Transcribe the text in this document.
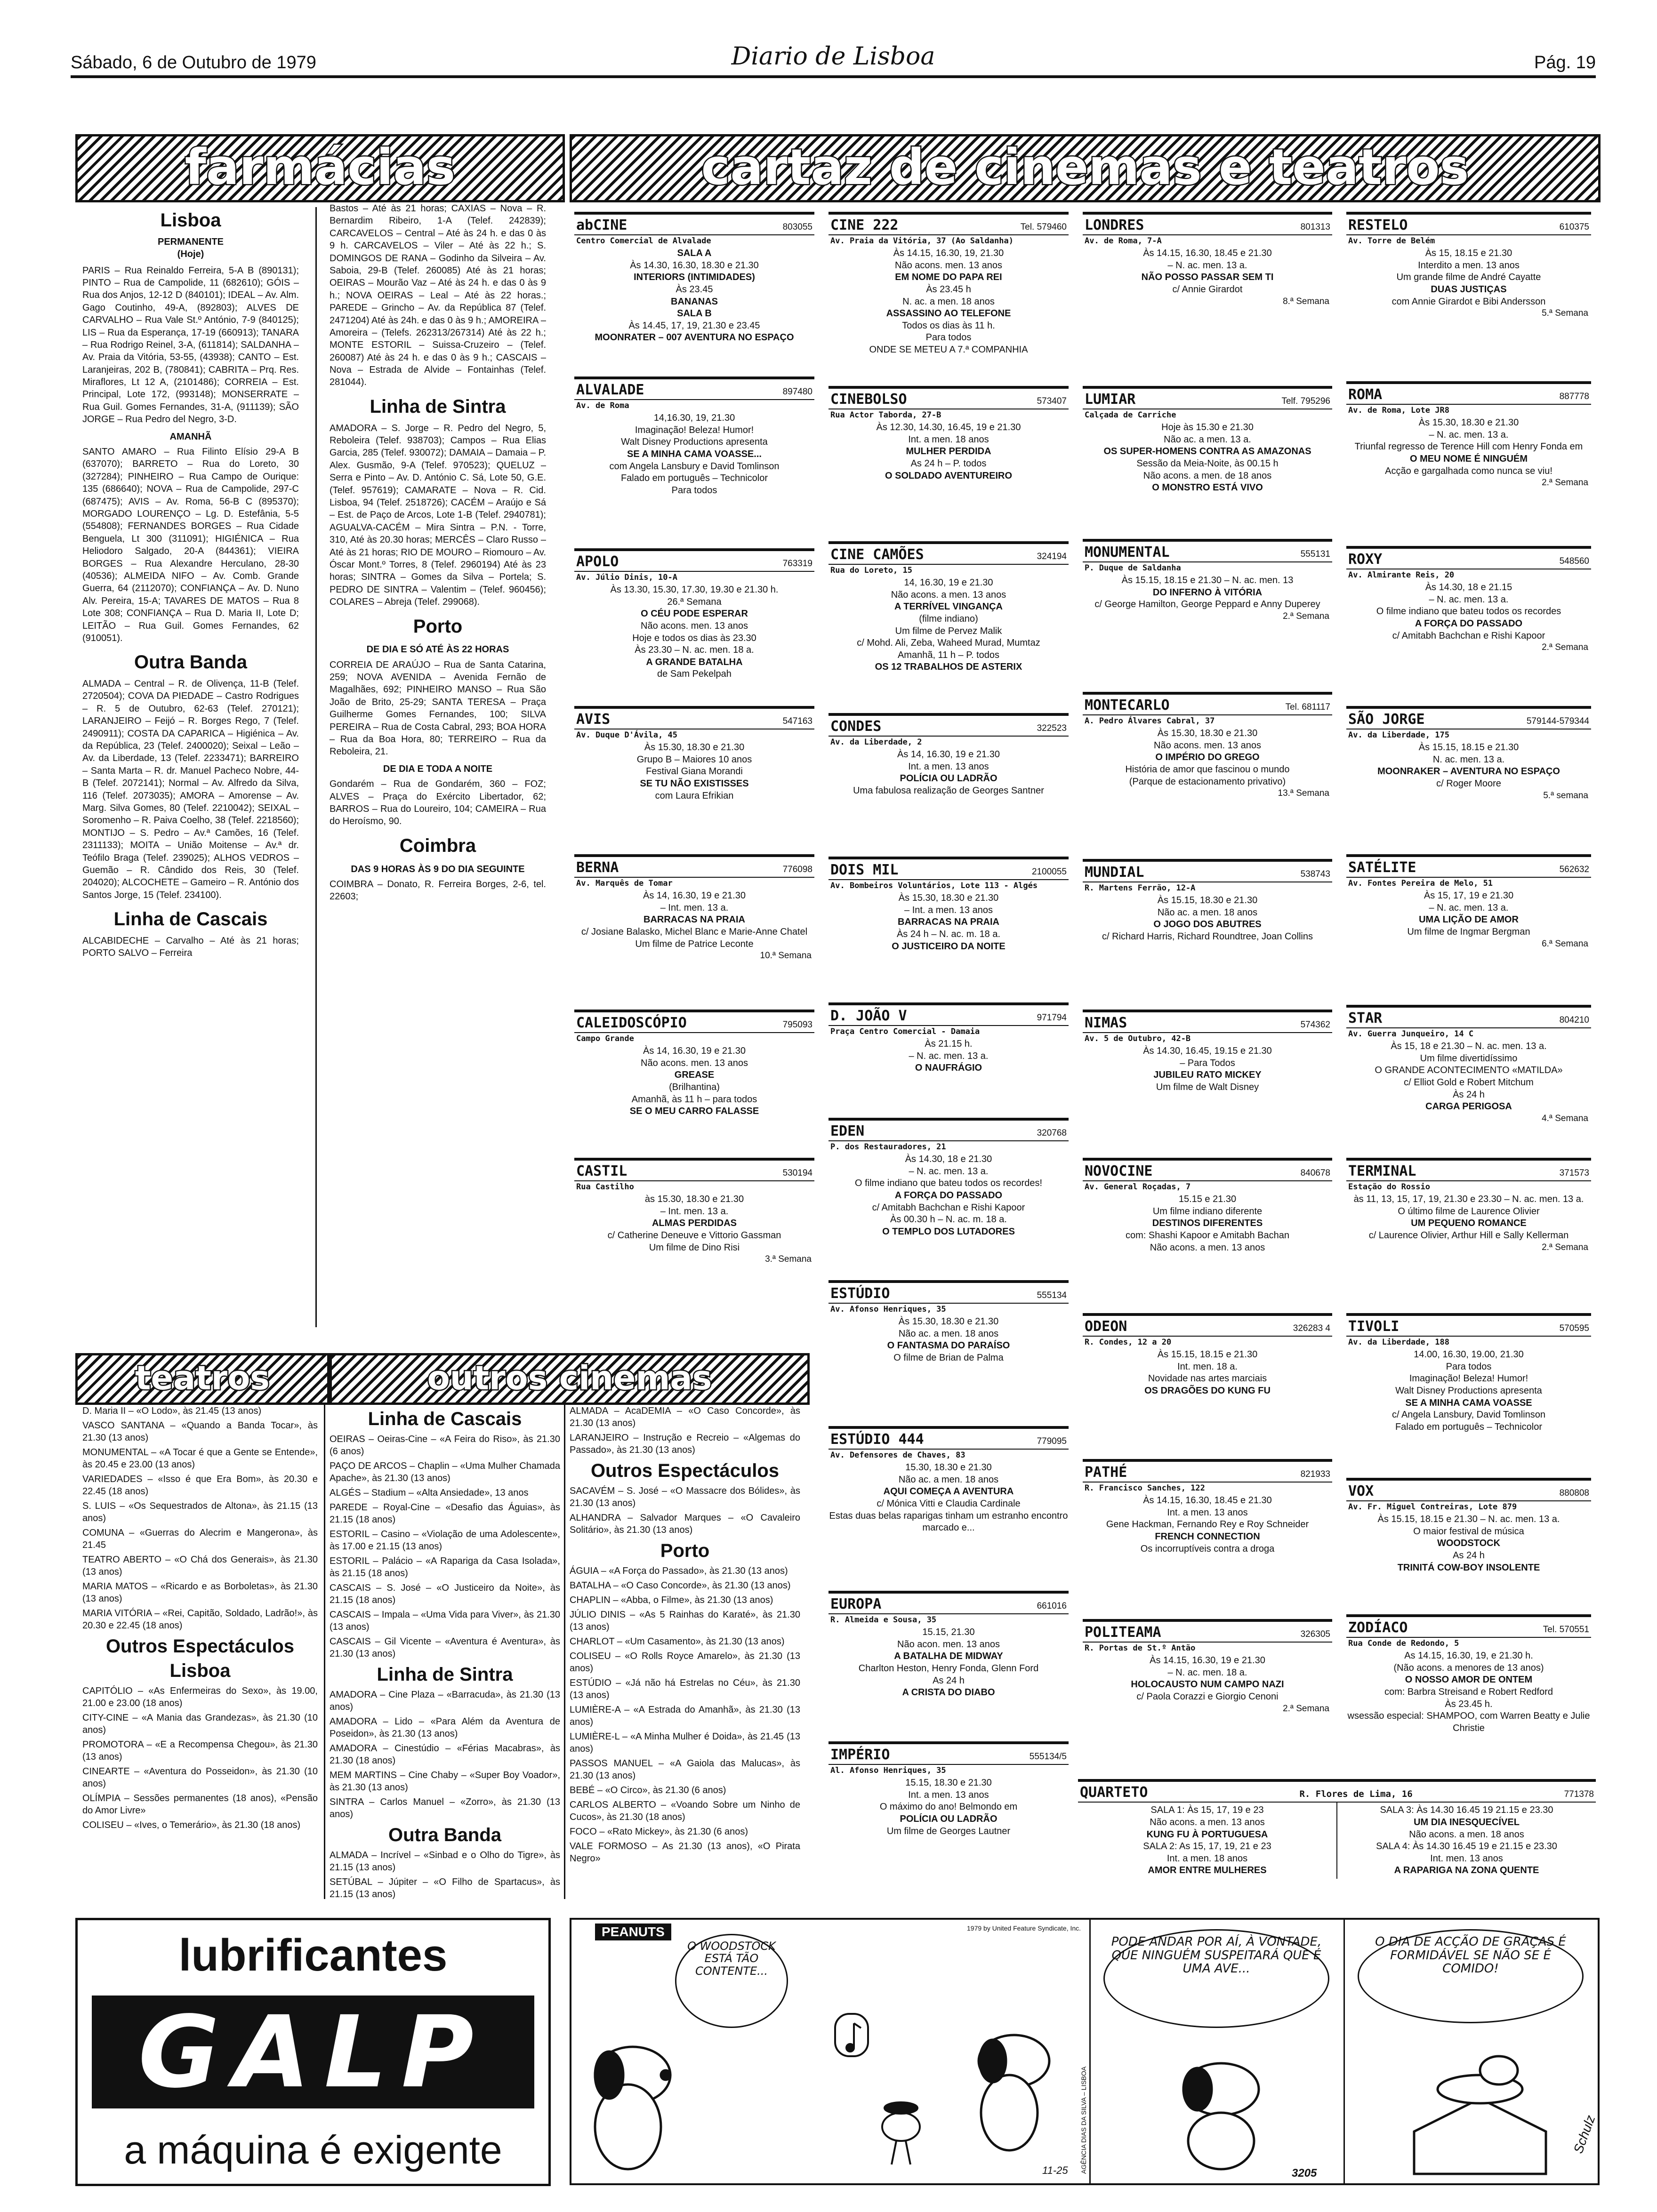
Sábado, 6 de Outubro de 1979	Diario de Lisboa	Pág. 19
farmácias	cartaz de cinemas e teatros
teatros	outros cinemas
Lisboa
PERMANENTE
(Hoje)

PARIS – Rua Reinaldo Ferreira, 5-A B (890131); PINTO – Rua de Campolide, 11 (682610); GÓIS – Rua dos Anjos, 12-12 D (840101); IDEAL – Av. Alm. Gago Coutinho, 49-A, (892803); ALVES DE CARVALHO – Rua Vale St.º António, 7-9 (840125); LIS – Rua da Esperança, 17-19 (660913); TANARA – Rua Rodrigo Reinel, 3-A, (611814); SALDANHA – Av. Praia da Vitória, 53-55, (43938); CANTO – Est. Laranjeiras, 202 B, (780841); CABRITA – Prq. Res. Miraflores, Lt 12 A, (2101486); CORREIA – Est. Principal, Lote 172, (993148); MONSERRATE – Rua Guil. Gomes Fernandes, 31-A, (911139); SÃO JORGE – Rua Pedro del Negro, 3-D.

AMANHÃ

SANTO AMARO – Rua Filinto Elísio 29-A B (637070); BARRETO – Rua do Loreto, 30 (327284); PINHEIRO – Rua Campo de Ourique: 135 (686640); NOVA – Rua de Campolide, 297-C (687475); AVIS – Av. Roma, 56-B C (895370); MORGADO LOURENÇO – Lg. D. Estefânia, 5-5 (554808); FERNANDES BORGES – Rua Cidade Benguela, Lt 300 (311091); HIGIÉNICA – Rua Heliodoro Salgado, 20-A (844361); VIEIRA BORGES – Rua Alexandre Herculano, 28-30 (40536); ALMEIDA NIFO – Av. Comb. Grande Guerra, 64 (2112070); CONFIANÇA – Av. D. Nuno Alv. Pereira, 15-A; TAVARES DE MATOS – Rua 8 Lote 308; CONFIANÇA – Rua D. Maria II, Lote D; LEITÃO – Rua Guil. Gomes Fernandes, 62 (910051).

Outra Banda

ALMADA – Central – R. de Olivença, 11-B (Telef. 2720504); COVA DA PIEDADE – Castro Rodrigues – R. 5 de Outubro, 62-63 (Telef. 270121); LARANJEIRO – Feijó – R. Borges Rego, 7 (Telef. 2490911); COSTA DA CAPARICA – Higiénica – Av. da República, 23 (Telef. 2400020); Seixal – Leão – Av. da Liberdade, 13 (Telef. 2233471); BARREIRO – Santa Marta – R. dr. Manuel Pacheco Nobre, 44-B (Telef. 2072141); Normal – Av. Alfredo da Silva, 116 (Telef. 2073035); AMORA – Amorense – Av. Marg. Silva Gomes, 80 (Telef. 2210042); SEIXAL – Soromenho – R. Paiva Coelho, 38 (Telef. 2218560); MONTIJO – S. Pedro – Av.ª Camões, 16 (Telef. 2311133); MOITA – União Moitense – Av.ª dr. Teófilo Braga (Telef. 239025); ALHOS VEDROS – Guemão – R. Cândido dos Reis, 30 (Telef. 204020); ALCOCHETE – Gameiro – R. António dos Santos Jorge, 15 (Telef. 234100).

Linha de Cascais

ALCABIDECHE – Carvalho – Até às 21 horas; PORTO SALVO – Ferreira

Bastos – Até às 21 horas; CAXIAS – Nova – R. Bernardim Ribeiro, 1-A (Telef. 242839); CARCAVELOS – Central – Até às 24 h. e das 0 às 9 h. CARCAVELOS – Viler – Até às 22 h.; S. DOMINGOS DE RANA – Godinho da Silveira – Av. Saboia, 29-B (Telef. 260085) Até às 21 horas; OEIRAS – Mourão Vaz – Até às 24 h. e das 0 às 9 h.; NOVA OEIRAS – Leal – Até às 22 horas.; PAREDE – Grincho – Av. da República 87 (Telef. 2471204) Até às 24h. e das 0 às 9 h.; AMOREIRA – Amoreira – (Telefs. 262313/267314) Até às 22 h.; MONTE ESTORIL – Suissa-Cruzeiro – (Telef. 260087) Até às 24 h. e das 0 às 9 h.; CASCAIS – Nova – Estrada de Alvide – Fontainhas (Telef. 281044).

Linha de Sintra

AMADORA – S. Jorge – R. Pedro del Negro, 5, Reboleira (Telef. 938703); Campos – Rua Elias Garcia, 285 (Telef. 930072); DAMAIA – Damaia – P. Alex. Gusmão, 9-A (Telef. 970523); QUELUZ – Serra e Pinto – Av. D. António C. Sá, Lote 50, G.E. (Telef. 957619); CAMARATE – Nova – R. Cid. Lisboa, 94 (Telef. 2518726); CACÉM – Araújo e Sá – Est. de Paço de Arcos, Lote 1-B (Telef. 2940781); AGUALVA-CACÉM – Mira Sintra – P.N. - Torre, 310, Até às 20.30 horas; MERCÊS – Claro Russo – Até às 21 horas; RIO DE MOURO – Riomouro – Av. Óscar Mont.º Torres, 8 (Telef. 2960194) Até às 23 horas; SINTRA – Gomes da Silva – Portela; S. PEDRO DE SINTRA – Valentim – (Telef. 960456); COLARES – Abreja (Telef. 299068).

Porto
DE DIA E SÓ ATÉ ÀS 22 HORAS

CORREIA DE ARAÚJO – Rua de Santa Catarina, 259; NOVA AVENIDA – Avenida Fernão de Magalhães, 692; PINHEIRO MANSO – Rua São João de Brito, 25-29; SANTA TERESA – Praça Guilherme Gomes Fernandes, 100; SILVA PEREIRA – Rua de Costa Cabral, 293; BOA HORA – Rua da Boa Hora, 80; TERREIRO – Rua da Reboleira, 21.

DE DIA E TODA A NOITE

Gondarém – Rua de Gondarém, 360 – FOZ; ALVES – Praça do Exército Libertador, 62; BARROS – Rua do Loureiro, 104; CAMEIRA – Rua do Heroísmo, 90.

Coimbra
DAS 9 HORAS ÀS 9 DO DIA SEGUINTE

COIMBRA – Donato, R. Ferreira Borges, 2-6, tel. 22603;

abCINE	803055
Centro Comercial de Alvalade
SALA A
Às 14.30, 16.30, 18.30 e 21.30
INTERIORS (INTIMIDADES)
Às 23.45
BANANAS
SALA B
Às 14.45, 17, 19, 21.30 e 23.45
MOONRATER – 007 AVENTURA NO ESPAÇO
ALVALADE	897480
Av. de Roma
14,16.30, 19, 21.30
Imaginação! Beleza! Humor!
Walt Disney Productions apresenta
SE A MINHA CAMA VOASSE...
com Angela Lansbury e David Tomlinson
Falado em português – Technicolor
Para todos
APOLO	763319
Av. Júlio Dinis, 10-A
Às 13.30, 15.30, 17.30, 19.30 e 21.30 h.
26.ª Semana
O CÉU PODE ESPERAR
Não acons. men. 13 anos
Hoje e todos os dias às 23.30
Às 23.30 – N. ac. men. 18 a.
A GRANDE BATALHA
de Sam Pekelpah
AVIS	547163
Av. Duque D'Ávila, 45
Às 15.30, 18.30 e 21.30
Grupo B – Maiores 10 anos
Festival Giana Morandi
SE TU NÃO EXISTISSES
com Laura Efrikian
BERNA	776098
Av. Marquês de Tomar
Às 14, 16.30, 19 e 21.30
– Int. men. 13 a.
BARRACAS NA PRAIA
c/ Josiane Balasko, Michel Blanc e Marie-Anne Chatel
Um filme de Patrice Leconte
10.ª Semana
CALEIDOSCÓPIO	795093
Campo Grande
Às 14, 16.30, 19 e 21.30
Não acons. men. 13 anos
GREASE
(Brilhantina)
Amanhã, às 11 h – para todos
SE O MEU CARRO FALASSE
CASTIL	530194
Rua Castilho
às 15.30, 18.30 e 21.30
– Int. men. 13 a.
ALMAS PERDIDAS
c/ Catherine Deneuve e Vittorio Gassman
Um filme de Dino Risi
3.ª Semana
CINE 222	Tel. 579460
Av. Praia da Vitória, 37 (Ao Saldanha)
Às 14.15, 16.30, 19, 21.30
Não acons. men. 13 anos
EM NOME DO PAPA REI
Às 23.45 h
N. ac. a men. 18 anos
ASSASSINO AO TELEFONE
Todos os dias às 11 h.
Para todos
ONDE SE METEU A 7.ª COMPANHIA
CINEBOLSO	573407
Rua Actor Taborda, 27-B
Às 12.30, 14.30, 16.45, 19 e 21.30
Int. a men. 18 anos
MULHER PERDIDA
As 24 h – P. todos
O SOLDADO AVENTUREIRO
CINE CAMÕES	324194
Rua do Loreto, 15
14, 16.30, 19 e 21.30
Não acons. a men. 13 anos
A TERRÍVEL VINGANÇA
(filme indiano)
Um filme de Pervez Malik
c/ Mohd. Ali, Zeba, Waheed Murad, Mumtaz
Amanhã, 11 h – P. todos
OS 12 TRABALHOS DE ASTERIX
CONDES	322523
Av. da Liberdade, 2
Às 14, 16.30, 19 e 21.30
Int. a men. 13 anos
POLÍCIA OU LADRÃO
Uma fabulosa realização de Georges Santner
DOIS MIL	2100055
Av. Bombeiros Voluntários, Lote 113 - Algés
Às 15.30, 18.30 e 21.30
– Int. a men. 13 anos
BARRACAS NA PRAIA
Às 24 h – N. ac. m. 18 a.
O JUSTICEIRO DA NOITE
D. JOÃO V	971794
Praça Centro Comercial - Damaia
Às 21.15 h.
– N. ac. men. 13 a.
O NAUFRÁGIO
EDEN	320768
P. dos Restauradores, 21
Às 14.30, 18 e 21.30
– N. ac. men. 13 a.
O filme indiano que bateu todos os recordes!
A FORÇA DO PASSADO
c/ Amitabh Bachchan e Rishi Kapoor
Às 00.30 h – N. ac. m. 18 a.
O TEMPLO DOS LUTADORES
ESTÚDIO	555134
Av. Afonso Henriques, 35
Às 15.30, 18.30 e 21.30
Não ac. a men. 18 anos
O FANTASMA DO PARAÍSO
O filme de Brian de Palma
ESTÚDIO 444	779095
Av. Defensores de Chaves, 83
15.30, 18.30 e 21.30
Não ac. a men. 18 anos
AQUI COMEÇA A AVENTURA
c/ Mónica Vitti e Claudia Cardinale
Estas duas belas raparigas tinham um estranho encontro marcado e...
EUROPA	661016
R. Almeida e Sousa, 35
15.15, 21.30
Não acon. men. 13 anos
A BATALHA DE MIDWAY
Charlton Heston, Henry Fonda, Glenn Ford
As 24 h
A CRISTA DO DIABO
IMPÉRIO	555134/5
Al. Afonso Henriques, 35
15.15, 18.30 e 21.30
Int. a men. 13 anos
O máximo do ano! Belmondo em
POLÍCIA OU LADRÃO
Um filme de Georges Lautner
LONDRES	801313
Av. de Roma, 7-A
Às 14.15, 16.30, 18.45 e 21.30
– N. ac. men. 13 a.
NÃO POSSO PASSAR SEM TI
c/ Annie Girardot
8.ª Semana
LUMIAR	Telf. 795296
Calçada de Carriche
Hoje às 15.30 e 21.30
Não ac. a men. 13 a.
OS SUPER-HOMENS CONTRA AS AMAZONAS
Sessão da Meia-Noite, às 00.15 h
Não acons. a men. de 18 anos
O MONSTRO ESTÁ VIVO
MONUMENTAL	555131
P. Duque de Saldanha
Às 15.15, 18.15 e 21.30 – N. ac. men. 13
DO INFERNO À VITÓRIA
c/ George Hamilton, George Peppard e Anny Duperey
2.ª Semana
MONTECARLO	Tel. 681117
A. Pedro Álvares Cabral, 37
Às 15.30, 18.30 e 21.30
Não acons. men. 13 anos
O IMPÉRIO DO GREGO
História de amor que fascinou o mundo
(Parque de estacionamento privativo)
13.ª Semana
MUNDIAL	538743
R. Martens Ferrão, 12-A
Às 15.15, 18.30 e 21.30
Não ac. a men. 18 anos
O JOGO DOS ABUTRES
c/ Richard Harris, Richard Roundtree, Joan Collins
NIMAS	574362
Av. 5 de Outubro, 42-B
Às 14.30, 16.45, 19.15 e 21.30
– Para Todos
JUBILEU RATO MICKEY
Um filme de Walt Disney
NOVOCINE	840678
Av. General Roçadas, 7
15.15 e 21.30
Um filme indiano diferente
DESTINOS DIFERENTES
com: Shashi Kapoor e Amitabh Bachan
Não acons. a men. 13 anos
ODEON	326283 4
R. Condes, 12 a 20
Às 15.15, 18.15 e 21.30
Int. men. 18 a.
Novidade nas artes marciais
OS DRAGÕES DO KUNG FU
PATHÉ	821933
R. Francisco Sanches, 122
Às 14.15, 16.30, 18.45 e 21.30
Int. a men. 13 anos
Gene Hackman, Fernando Rey e Roy Schneider
FRENCH CONNECTION
Os incorruptíveis contra a droga
POLITEAMA	326305
R. Portas de St.º Antão
Às 14.15, 16.30, 19 e 21.30
– N. ac. men. 18 a.
HOLOCAUSTO NUM CAMPO NAZI
c/ Paola Corazzi e Giorgio Cenoni
2.ª Semana
RESTELO	610375
Av. Torre de Belém
Às 15, 18.15 e 21.30
Interdito a men. 13 anos
Um grande filme de André Cayatte
DUAS JUSTIÇAS
com Annie Girardot e Bibi Andersson
5.ª Semana
ROMA	887778
Av. de Roma, Lote JR8
Às 15.30, 18.30 e 21.30
– N. ac. men. 13 a.
Triunfal regresso de Terence Hill com Henry Fonda em
O MEU NOME É NINGUÉM
Acção e gargalhada como nunca se viu!
2.ª Semana
ROXY	548560
Av. Almirante Reis, 20
Às 14.30, 18 e 21.15
– N. ac. men. 13 a.
O filme indiano que bateu todos os recordes
A FORÇA DO PASSADO
c/ Amitabh Bachchan e Rishi Kapoor
2.ª Semana
SÃO JORGE	579144-579344
Av. da Liberdade, 175
Às 15.15, 18.15 e 21.30
N. ac. men. 13 a.
MOONRAKER – AVENTURA NO ESPAÇO
c/ Roger Moore
5.ª semana
SATÉLITE	562632
Av. Fontes Pereira de Melo, 51
Às 15, 17, 19 e 21.30
– N. ac. men. 13 a.
UMA LIÇÃO DE AMOR
Um filme de Ingmar Bergman
6.ª Semana
STAR	804210
Av. Guerra Junqueiro, 14 C
Às 15, 18 e 21.30 – N. ac. men. 13 a.
Um filme divertidíssimo
O GRANDE ACONTECIMENTO «MATILDA»
c/ Elliot Gold e Robert Mitchum
Às 24 h
CARGA PERIGOSA
4.ª Semana
TERMINAL	371573
Estação do Rossio
às 11, 13, 15, 17, 19, 21.30 e 23.30 – N. ac. men. 13 a.
O último filme de Laurence Olivier
UM PEQUENO ROMANCE
c/ Laurence Olivier, Arthur Hill e Sally Kellerman
2.ª Semana
TIVOLI	570595
Av. da Liberdade, 188
14.00, 16.30, 19.00, 21.30
Para todos
Imaginação! Beleza! Humor!
Walt Disney Productions apresenta
SE A MINHA CAMA VOASSE
c/ Angela Lansbury, David Tomlinson
Falado em português – Technicolor
VOX	880808
Av. Fr. Miguel Contreiras, Lote 879
Às 15.15, 18.15 e 21.30 – N. ac. men. 13 a.
O maior festival de música
WOODSTOCK
As 24 h
TRINITÁ COW-BOY INSOLENTE
ZODÍACO	Tel. 570551
Rua Conde de Redondo, 5
As 14.15, 16.30, 19, e 21.30 h.
(Não acons. a menores de 13 anos)
O NOSSO AMOR DE ONTEM
com: Barbra Streisand e Robert Redford
Às 23.45 h.
wsessão especial: SHAMPOO, com Warren Beatty e Julie Christie
QUARTETO	R. Flores de Lima, 16	771378
SALA 1: Às 15, 17, 19 e 23
Não acons. a men. 13 anos
KUNG FU À PORTUGUESA
SALA 2: As 15, 17, 19, 21 e 23
Int. a men. 18 anos
AMOR ENTRE MULHERES
SALA 3: Às 14.30 16.45 19 21.15 e 23.30
UM DIA INESQUECÍVEL
Não acons. a men. 18 anos
SALA 4: Às 14.30 16.45 19 e 21.15 e 23.30
Int. men. 13 anos
A RAPARIGA NA ZONA QUENTE

D. Maria II – «O Lodo», às 21.45 (13 anos)

VASCO SANTANA – «Quando a Banda Tocar», às 21.30 (13 anos)

MONUMENTAL – «A Tocar é que a Gente se Entende», às 20.45 e 23.00 (13 anos)

VARIEDADES – «Isso é que Era Bom», às 20.30 e 22.45 (18 anos)

S. LUIS – «Os Sequestrados de Altona», às 21.15 (13 anos)

COMUNA – «Guerras do Alecrim e Mangerona», às 21.45

TEATRO ABERTO – «O Chá dos Generais», às 21.30 (13 anos)

MARIA MATOS – «Ricardo e as Borboletas», às 21.30 (13 anos)

MARIA VITÓRIA – «Rei, Capitão, Soldado, Ladrão!», às 20.30 e 22.45 (18 anos)

Outros Espectáculos Lisboa

CAPITÓLIO – «As Enfermeiras do Sexo», às 19.00, 21.00 e 23.00 (18 anos)

CITY-CINE – «A Mania das Grandezas», às 21.30 (10 anos)

PROMOTORA – «E a Recompensa Chegou», às 21.30 (13 anos)

CINEARTE – «Aventura do Posseidon», às 21.30 (10 anos)

OLÍMPIA – Sessões permanentes (18 anos), «Pensão do Amor Livre»

COLISEU – «Ives, o Temerário», às 21.30 (18 anos)

Linha de Cascais

OEIRAS – Oeiras-Cine – «A Feira do Riso», às 21.30 (6 anos)

PAÇO DE ARCOS – Chaplin – «Uma Mulher Chamada Apache», às 21.30 (13 anos)

ALGÉS – Stadium – «Alta Ansiedade», 13 anos

PAREDE – Royal-Cine – «Desafio das Águias», às 21.15 (18 anos)

ESTORIL – Casino – «Violação de uma Adolescente», às 17.00 e 21.15 (13 anos)

ESTORIL – Palácio – «A Rapariga da Casa Isolada», às 21.15 (18 anos)

CASCAIS – S. José – «O Justiceiro da Noite», às 21.15 (18 anos)

CASCAIS – Impala – «Uma Vida para Viver», às 21.30 (13 anos)

CASCAIS – Gil Vicente – «Aventura é Aventura», às 21.30 (13 anos)

Linha de Sintra

AMADORA – Cine Plaza – «Barracuda», às 21.30 (13 anos)

AMADORA – Lido – «Para Além da Aventura de Poseidon», às 21.30 (13 anos)

AMADORA – Cinestúdio – «Férias Macabras», às 21.30 (18 anos)

MEM MARTINS – Cine Chaby – «Super Boy Voador», às 21.30 (13 anos)

SINTRA – Carlos Manuel – «Zorro», às 21.30 (13 anos)

Outra Banda

ALMADA – Incrível – «Sinbad e o Olho do Tigre», às 21.15 (13 anos)

SETÚBAL – Júpiter – «O Filho de Spartacus», às 21.15 (13 anos)

ALMADA – AcaDEMIA – «O Caso Concorde», às 21.30 (13 anos)

LARANJEIRO – Instrução e Recreio – «Algemas do Passado», às 21.30 (13 anos)

Outros Espectáculos

SACAVÉM – S. José – «O Massacre dos Bólides», às 21.30 (13 anos)

ALHANDRA – Salvador Marques – «O Cavaleiro Solitário», às 21.30 (13 anos)

Porto

ÁGUIA – «A Força do Passado», às 21.30 (13 anos)

BATALHA – «O Caso Concorde», às 21.30 (13 anos)

CHAPLIN – «Abba, o Filme», às 21.30 (13 anos)

JÚLIO DINIS – «As 5 Rainhas do Karaté», às 21.30 (13 anos)

CHARLOT – «Um Casamento», às 21.30 (13 anos)

COLISEU – «O Rolls Royce Amarelo», às 21.30 (13 anos)

ESTÚDIO – «Já não há Estrelas no Céu», às 21.30 (13 anos)

LUMIÈRE-A – «A Estrada do Amanhã», às 21.30 (13 anos)

LUMIÈRE-L – «A Minha Mulher é Doida», às 21.45 (13 anos)

PASSOS MANUEL – «A Gaiola das Malucas», às 21.30 (13 anos)

BEBÉ – «O Circo», às 21.30 (6 anos)

CARLOS ALBERTO – «Voando Sobre um Ninho de Cucos», às 21.30 (18 anos)

FOCO – «Rato Mickey», às 21.30 (6 anos)

VALE FORMOSO – As 21.30 (13 anos), «O Pirata Negro»

lubrificantes
GALP
a máquina é exigente
PEANUTS	1979 by United Feature Syndicate, Inc.
O WOODSTOCK ESTÁ TÃO CONTENTE...
PODE ANDAR POR AÍ, À VONTADE, QUE NINGUÉM SUSPEITARÁ QUE É UMA AVE...
O DIA DE ACÇÃO DE GRAÇAS É FORMIDÁVEL SE NÃO SE É COMIDO!
AGÊNCIA DIAS DA SILVA – LISBOA
11-25	3205
Schulz
